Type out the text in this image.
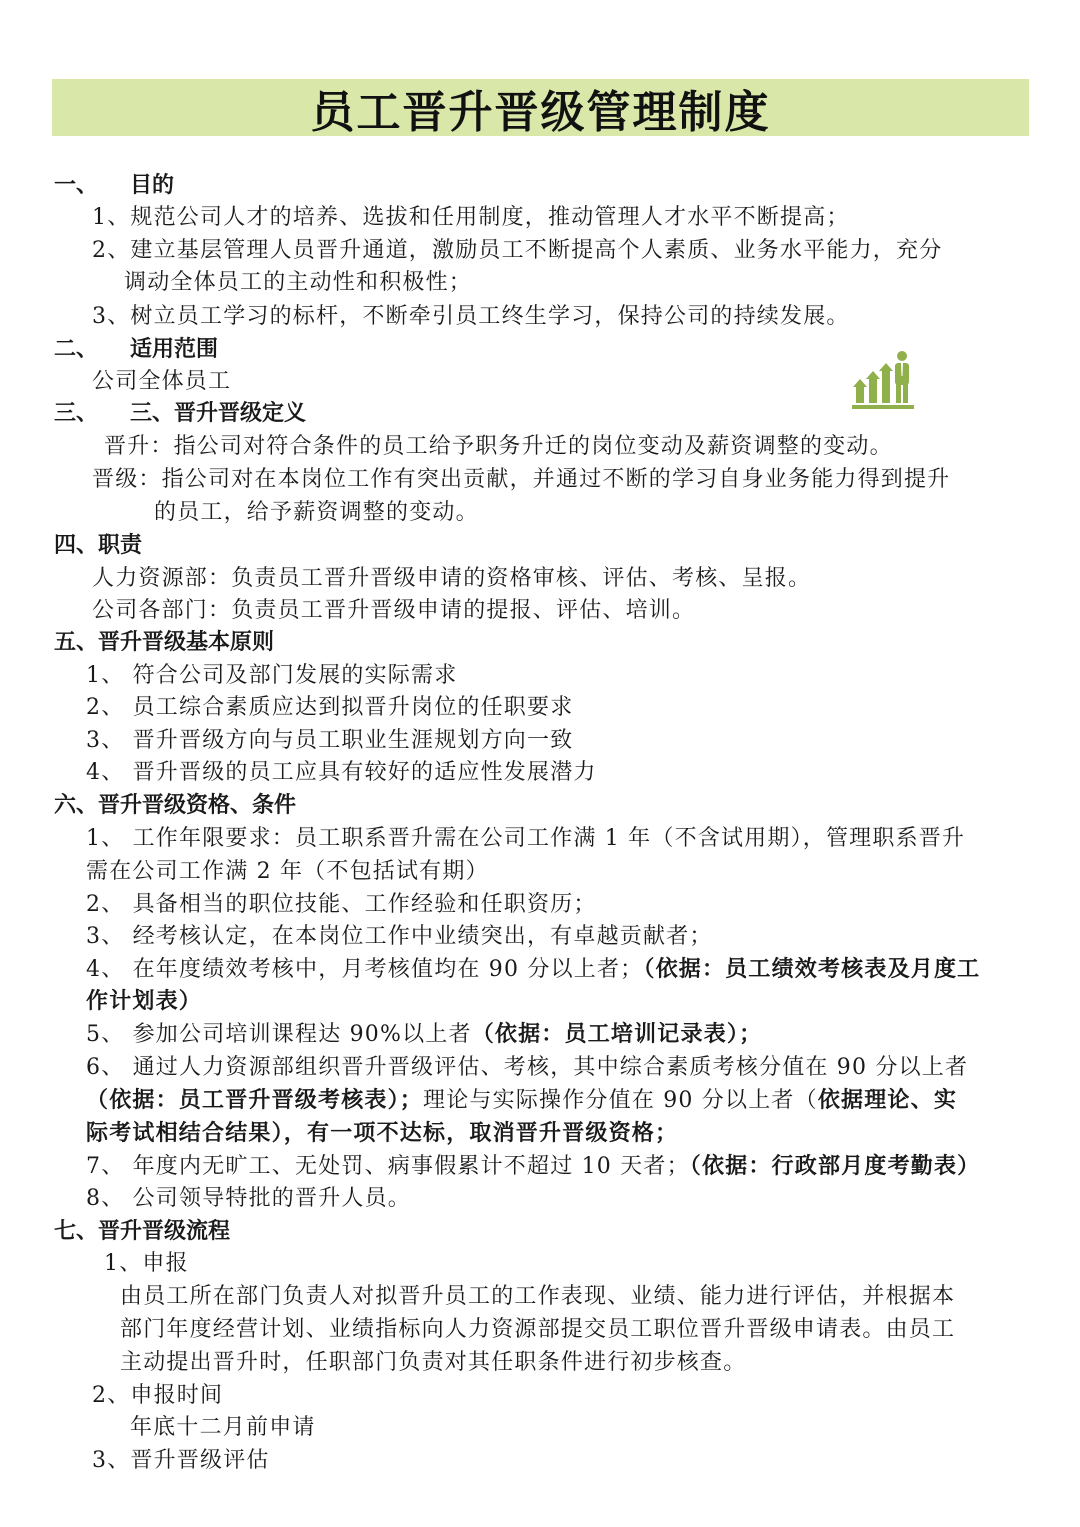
员工晋升晋级管理制度
一、 目的
1、规范公司人才的培养、选拔和任用制度，推动管理人才水平不断提高；
2、建立基层管理人员晋升通道，激励员工不断提高个人素质、业务水平能力，充分
调动全体员工的主动性和积极性；
3、树立员工学习的标杆，不断牵引员工终生学习，保持公司的持续发展。
二、 适用范围
公司全体员工
三、 三、晋升晋级定义
晋升：指公司对符合条件的员工给予职务升迁的岗位变动及薪资调整的变动。
晋级：指公司对在本岗位工作有突出贡献，并通过不断的学习自身业务能力得到提升
的员工，给予薪资调整的变动。
四、职责
人力资源部：负责员工晋升晋级申请的资格审核、评估、考核、呈报。
公司各部门：负责员工晋升晋级申请的提报、评估、培训。
五、晋升晋级基本原则
1、 符合公司及部门发展的实际需求
2、 员工综合素质应达到拟晋升岗位的任职要求
3、 晋升晋级方向与员工职业生涯规划方向一致
4、 晋升晋级的员工应具有较好的适应性发展潜力
六、晋升晋级资格、条件
1、 工作年限要求：员工职系晋升需在公司工作满 1 年（不含试用期），管理职系晋升
需在公司工作满 2 年（不包括试有期）
2、 具备相当的职位技能、工作经验和任职资历；
3、 经考核认定，在本岗位工作中业绩突出，有卓越贡献者；
4、 在年度绩效考核中，月考核值均在 90 分以上者；（依据：员工绩效考核表及月度工
作计划表）
5、 参加公司培训课程达 90%以上者（依据：员工培训记录表）；
6、 通过人力资源部组织晋升晋级评估、考核，其中综合素质考核分值在 90 分以上者
（依据：员工晋升晋级考核表）；理论与实际操作分值在 90 分以上者（依据理论、实
际考试相结合结果），有一项不达标，取消晋升晋级资格；
7、 年度内无旷工、无处罚、病事假累计不超过 10 天者；（依据：行政部月度考勤表）
8、 公司领导特批的晋升人员。
七、晋升晋级流程
1、申报
由员工所在部门负责人对拟晋升员工的工作表现、业绩、能力进行评估，并根据本
部门年度经营计划、业绩指标向人力资源部提交员工职位晋升晋级申请表。由员工
主动提出晋升时，任职部门负责对其任职条件进行初步核查。
2、申报时间
年底十二月前申请
3、晋升晋级评估
